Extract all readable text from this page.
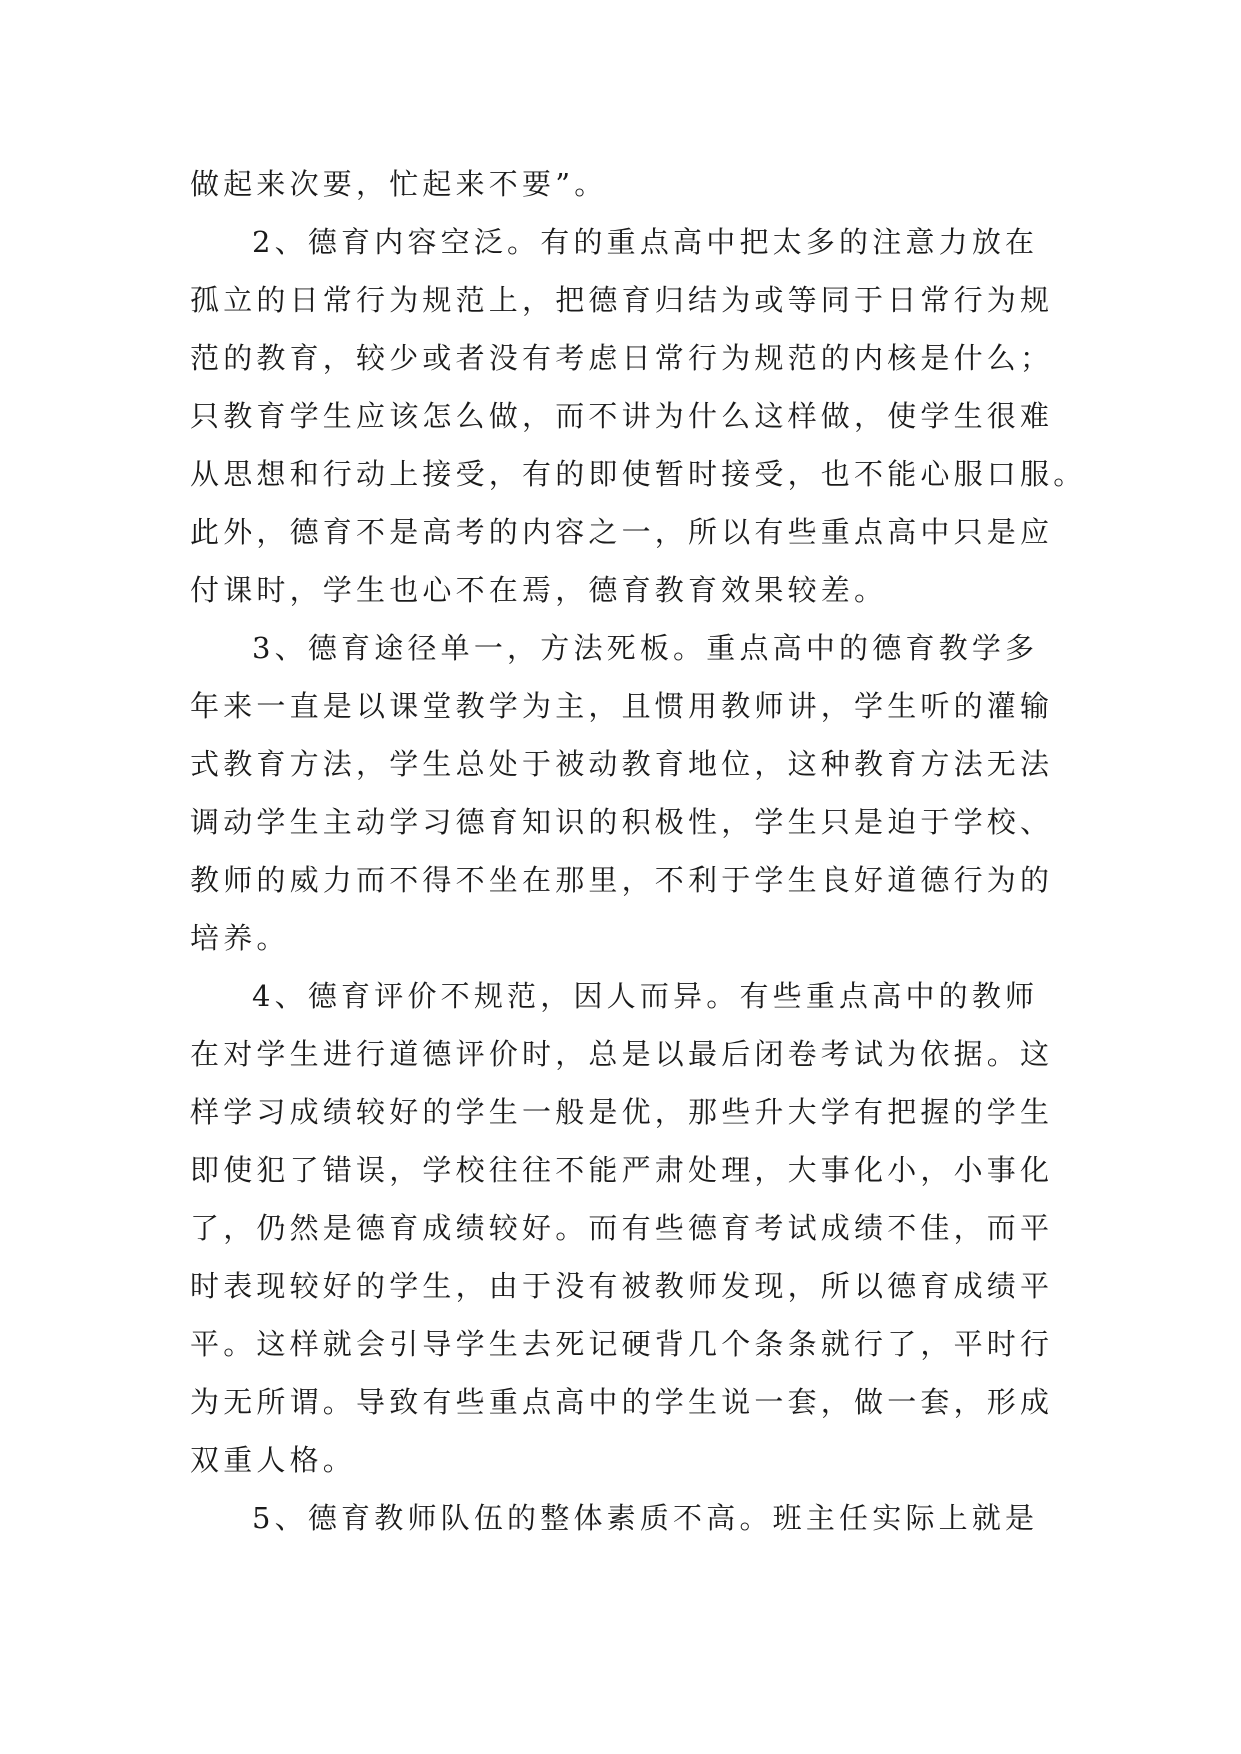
做起来次要，忙起来不要”。

2、德育内容空泛。有的重点高中把太多的注意力放在

孤立的日常行为规范上，把德育归结为或等同于日常行为规

范的教育，较少或者没有考虑日常行为规范的内核是什么；

只教育学生应该怎么做，而不讲为什么这样做，使学生很难

从思想和行动上接受，有的即使暂时接受，也不能心服口服。

此外，德育不是高考的内容之一，所以有些重点高中只是应

付课时，学生也心不在焉，德育教育效果较差。

3、德育途径单一，方法死板。重点高中的德育教学多

年来一直是以课堂教学为主，且惯用教师讲，学生听的灌输

式教育方法，学生总处于被动教育地位，这种教育方法无法

调动学生主动学习德育知识的积极性，学生只是迫于学校、

教师的威力而不得不坐在那里，不利于学生良好道德行为的

培养。

4、德育评价不规范，因人而异。有些重点高中的教师

在对学生进行道德评价时，总是以最后闭卷考试为依据。这

样学习成绩较好的学生一般是优，那些升大学有把握的学生

即使犯了错误，学校往往不能严肃处理，大事化小，小事化

了，仍然是德育成绩较好。而有些德育考试成绩不佳，而平

时表现较好的学生，由于没有被教师发现，所以德育成绩平

平。这样就会引导学生去死记硬背几个条条就行了，平时行

为无所谓。导致有些重点高中的学生说一套，做一套，形成

双重人格。

5、德育教师队伍的整体素质不高。班主任实际上就是
